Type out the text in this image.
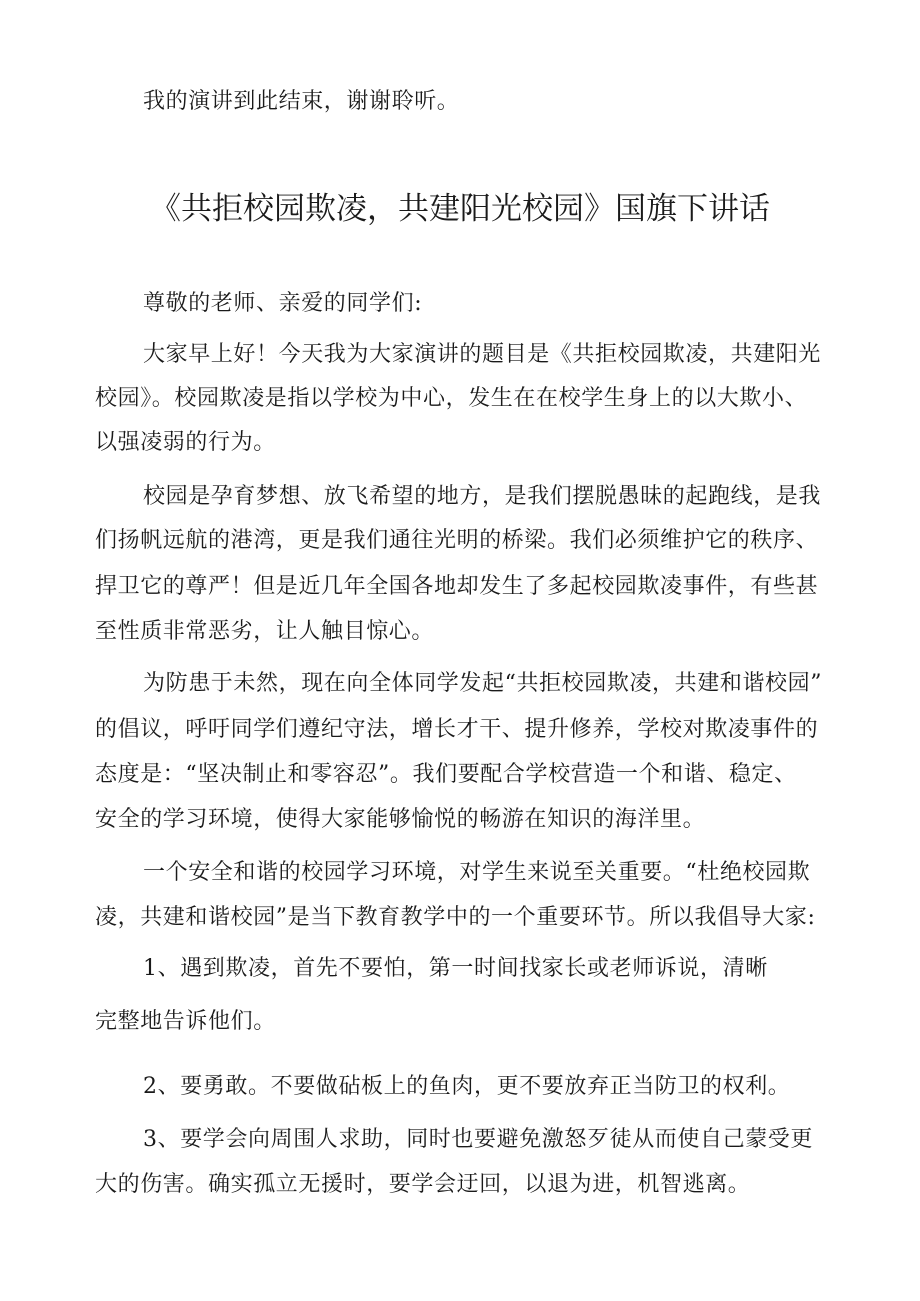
我的演讲到此结束，谢谢聆听。

《共拒校园欺凌，共建阳光校园》国旗下讲话

尊敬的老师、亲爱的同学们:

大家早上好！今天我为大家演讲的题目是《共拒校园欺凌，共建阳光

校园》。校园欺凌是指以学校为中心，发生在在校学生身上的以大欺小、

以强凌弱的行为。

校园是孕育梦想、放飞希望的地方，是我们摆脱愚昧的起跑线，是我

们扬帆远航的港湾，更是我们通往光明的桥梁。我们必须维护它的秩序、

捍卫它的尊严！但是近几年全国各地却发生了多起校园欺凌事件，有些甚

至性质非常恶劣，让人触目惊心。

为防患于未然，现在向全体同学发起“共拒校园欺凌，共建和谐校园”

的倡议，呼吁同学们遵纪守法，增长才干、提升修养，学校对欺凌事件的

态度是：“坚决制止和零容忍”。我们要配合学校营造一个和谐、稳定、

安全的学习环境，使得大家能够愉悦的畅游在知识的海洋里。

一个安全和谐的校园学习环境，对学生来说至关重要。“杜绝校园欺

凌，共建和谐校园”是当下教育教学中的一个重要环节。所以我倡导大家:

1、遇到欺凌，首先不要怕，第一时间找家长或老师诉说，清晰

完整地告诉他们。

2、要勇敢。不要做砧板上的鱼肉，更不要放弃正当防卫的权利。

3、要学会向周围人求助，同时也要避免激怒歹徒从而使自己蒙受更

大的伤害。确实孤立无援时，要学会迂回，以退为进，机智逃离。
